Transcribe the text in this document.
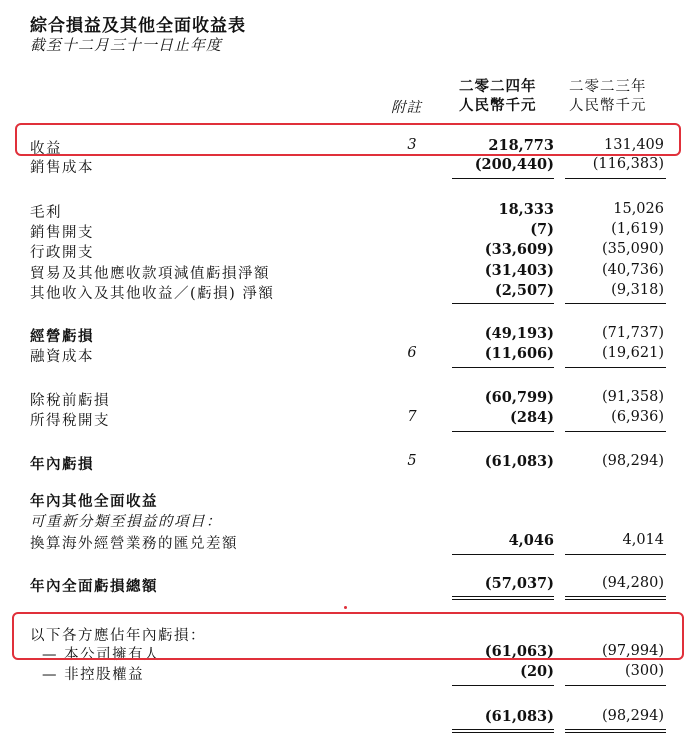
綜合損益及其他全面收益表
截至十二月三十一日止年度
二零二四年
人民幣千元
二零二三年
人民幣千元
附註
收益	3	218,773	131,409
銷售成本	(200,440)	(116,383)
毛利	18,333	15,026
銷售開支	(7)	(1,619)
行政開支	(33,609)	(35,090)
貿易及其他應收款項減值虧損淨額	(31,403)	(40,736)
其他收入及其他收益／(虧損) 淨額	(2,507)	(9,318)
經營虧損	(49,193)	(71,737)
融資成本	6	(11,606)	(19,621)
除稅前虧損	(60,799)	(91,358)
所得稅開支	7	(284)	(6,936)
年內虧損	5	(61,083)	(98,294)
年內其他全面收益
可重新分類至損益的項目：
換算海外經營業務的匯兑差額	4,046	4,014
年內全面虧損總額	(57,037)	(94,280)
以下各方應佔年內虧損：
— 本公司擁有人	(61,063)	(97,994)
— 非控股權益	(20)	(300)
(61,083)	(98,294)
